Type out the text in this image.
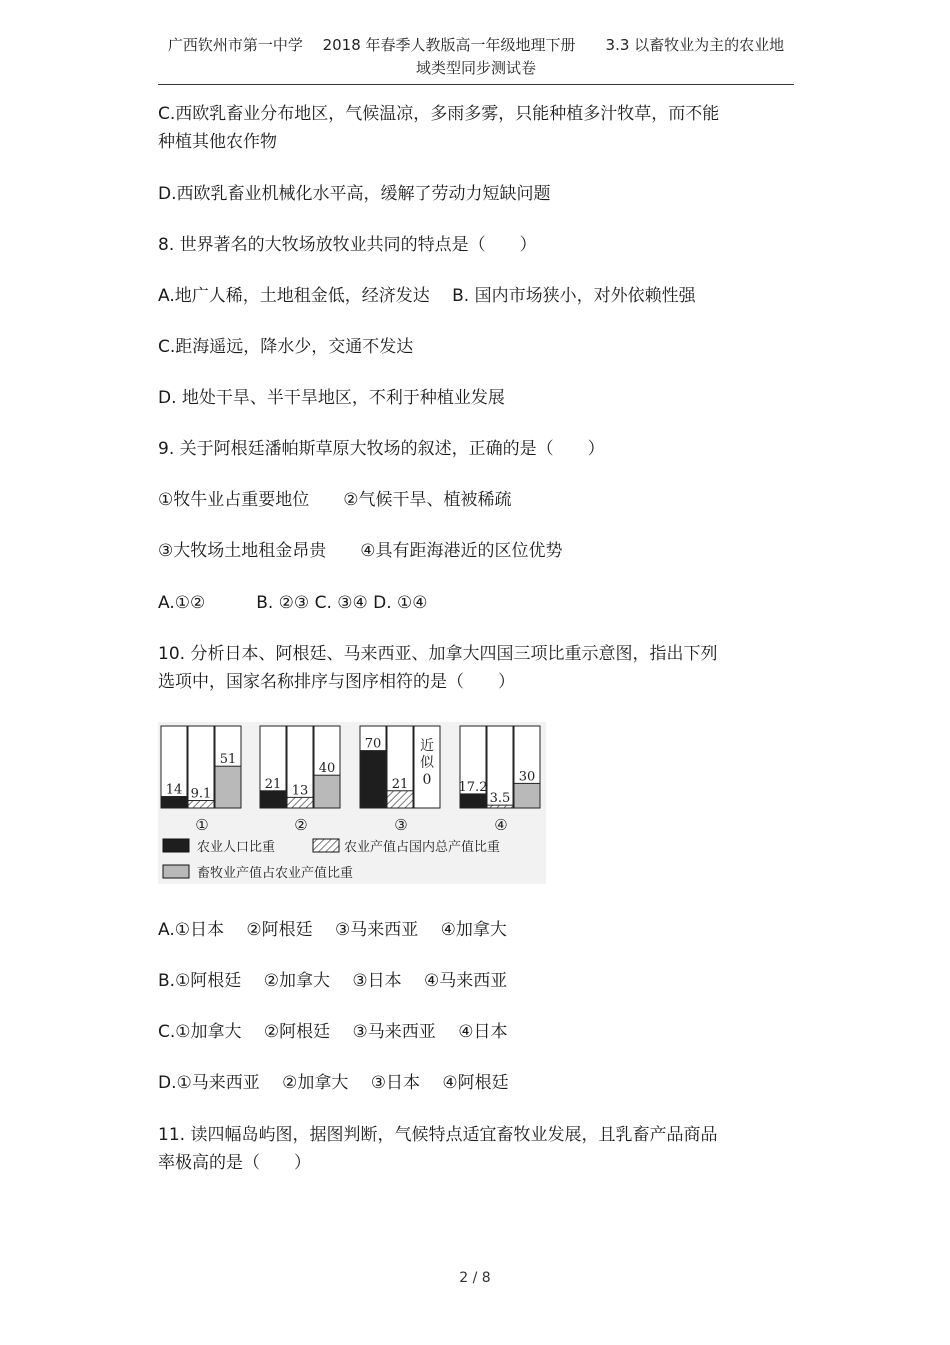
广西钦州市第一中学　 2018 年春季人教版高一年级地理下册　　3.3 以畜牧业为主的农业地
域类型同步测试卷
C.西欧乳畜业分布地区，气候温凉，多雨多雾，只能种植多汁牧草，而不能
种植其他农作物
D.西欧乳畜业机械化水平高，缓解了劳动力短缺问题
8. 世界著名的大牧场放牧业共同的特点是（　　）
A.地广人稀，土地租金低，经济发达　 B. 国内市场狭小，对外依赖性强
C.距海遥远，降水少，交通不发达
D. 地处干旱、半干旱地区，不利于种植业发展
9. 关于阿根廷潘帕斯草原大牧场的叙述，正确的是（　　）
①牧牛业占重要地位　　②气候干旱、植被稀疏
③大牧场土地租金昂贵　　④具有距海港近的区位优势
A.①②　　　B. ②③ C. ③④ D. ①④
10. 分析日本、阿根廷、马来西亚、加拿大四国三项比重示意图，指出下列
选项中，国家名称排序与图序相符的是（　　）
14 9.1
51
①
21 13
40
②
70
21
近
似
0
③
17.2
3.5
30
④
农业人口比重	农业产值占国内总产值比重
畜牧业产值占农业产值比重
A.①日本　 ②阿根廷　 ③马来西亚　 ④加拿大
B.①阿根廷　 ②加拿大　 ③日本　 ④马来西亚
C.①加拿大　 ②阿根廷　 ③马来西亚　 ④日本
D.①马来西亚　 ②加拿大　 ③日本　 ④阿根廷
11. 读四幅岛屿图，据图判断，气候特点适宜畜牧业发展，且乳畜产品商品
率极高的是（　　）
2 / 8
